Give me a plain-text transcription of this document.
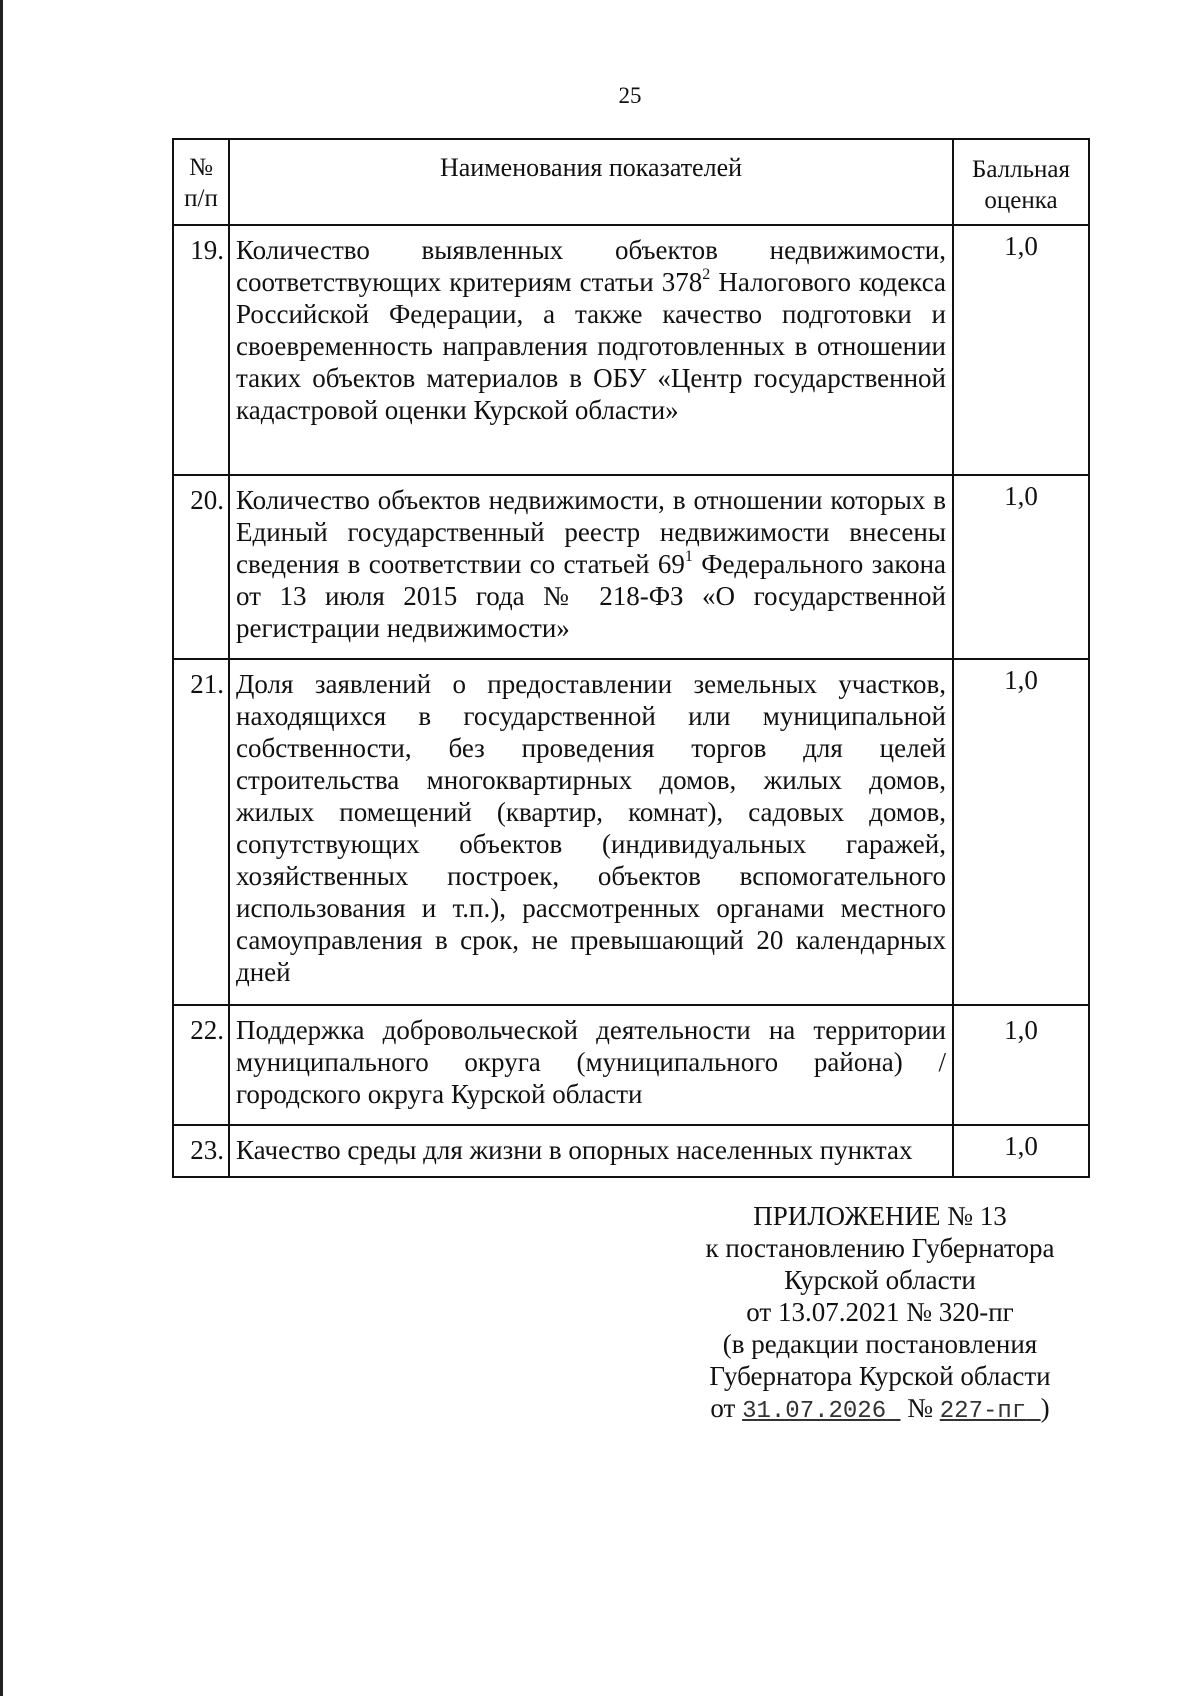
25
№
п/п	Наименования показателей	Балльная
оценка
19.	Количество выявленных объектов недвижимости, соответствующих критериям статьи $378^2$ Налогового кодекса Российской Федерации, а также качество подготовки и своевременность направления подготовленных в отношении таких объектов материалов в ОБУ «Центр государственной кадастровой оценки Курской области»	1,0
20.	Количество объектов недвижимости, в отношении которых в Единый государственный реестр недвижимости внесены сведения в соответствии со статьей $69^1$ Федерального закона от 13 июля 2015 года № 218-ФЗ «О государственной регистрации недвижимости»	1,0
21.	Доля заявлений о предоставлении земельных участков, находящихся в государственной или муниципальной собственности, без проведения торгов для целей строительства многоквартирных домов, жилых домов, жилых помещений (квартир, комнат), садовых домов, сопутствующих объектов (индивидуальных гаражей, хозяйственных построек, объектов вспомогательного использования и т.п.), рассмотренных органами местного самоуправления в срок, не превышающий 20 календарных дней	1,0
22.	Поддержка добровольческой деятельности на территории муниципального округа (муниципального района) / городского округа Курской области	1,0
23.	Качество среды для жизни в опорных населенных пунктах	1,0
ПРИЛОЖЕНИЕ № 13
к постановлению Губернатора
Курской области
от 13.07.2021 № 320-пг
(в редакции постановления
Губернатора Курской области
от 31.07.2026 № 227-пг )
